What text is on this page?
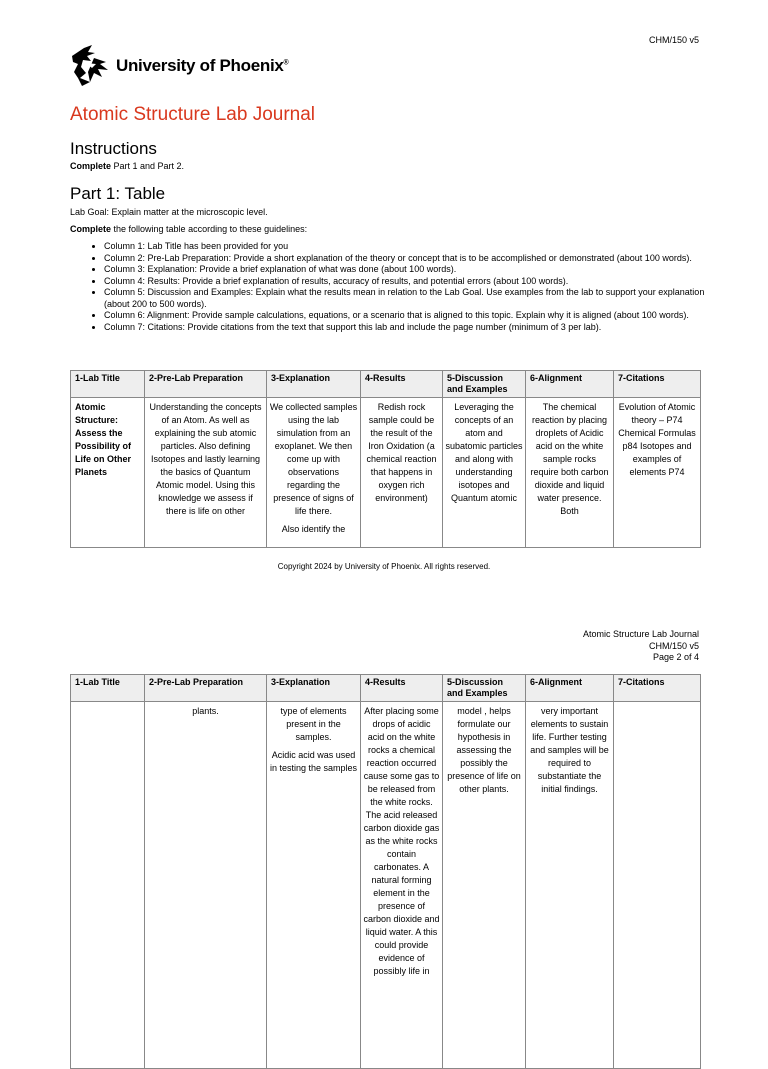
CHM/150 v5
University of Phoenix®
Atomic Structure Lab Journal
Instructions
Complete Part 1 and Part 2.
Part 1: Table
Lab Goal: Explain matter at the microscopic level.
Complete the following table according to these guidelines:
• Column 1: Lab Title has been provided for you
• Column 2: Pre-Lab Preparation: Provide a short explanation of the theory or concept that is to be accomplished or demonstrated (about 100 words).
• Column 3: Explanation: Provide a brief explanation of what was done (about 100 words).
• Column 4: Results: Provide a brief explanation of results, accuracy of results, and potential errors (about 100 words).
• Column 5: Discussion and Examples: Explain what the results mean in relation to the Lab Goal. Use examples from the lab to support your explanation (about 200 to 500 words).
• Column 6: Alignment: Provide sample calculations, equations, or a scenario that is aligned to this topic. Explain why it is aligned (about 100 words).
• Column 7: Citations: Provide citations from the text that support this lab and include the page number (minimum of 3 per lab).
1-Lab Title	2-Pre-Lab Preparation	3-Explanation	4-Results	5-Discussion and Examples	6-Alignment	7-Citations
Atomic Structure: Assess the Possibility of Life on Other Planets	Understanding the concepts of an Atom. As well as explaining the sub atomic particles. Also defining Isotopes and lastly learning the basics of Quantum Atomic model. Using this knowledge we assess if there is life on other	We collected samples using the lab simulation from an exoplanet. We then come up with observations regarding the presence of signs of life there.

Also identify the	Redish rock sample could be the result of the Iron Oxidation (a chemical reaction that happens in oxygen rich environment)	Leveraging the concepts of an atom and subatomic particles and along with understanding isotopes and Quantum atomic	The chemical reaction by placing droplets of Acidic acid on the white sample rocks require both carbon dioxide and liquid water presence. Both	Evolution of Atomic theory – P74 Chemical Formulas p84 Isotopes and examples of elements P74
Copyright 2024 by University of Phoenix. All rights reserved.
Atomic Structure Lab Journal
CHM/150 v5
Page 2 of 4
1-Lab Title	2-Pre-Lab Preparation	3-Explanation	4-Results	5-Discussion and Examples	6-Alignment	7-Citations
	plants.	type of elements present in the samples.

Acidic acid was used in testing the samples	After placing some drops of acidic acid on the white rocks a chemical reaction occurred cause some gas to be released from the white rocks. The acid released carbon dioxide gas as the white rocks contain carbonates. A natural forming element in the presence of carbon dioxide and liquid water. A this could provide evidence of possibly life in	model , helps formulate our hypothesis in assessing the possibly the presence of life on other plants.	very important elements to sustain life. Further testing and samples will be required to substantiate the initial findings.	
